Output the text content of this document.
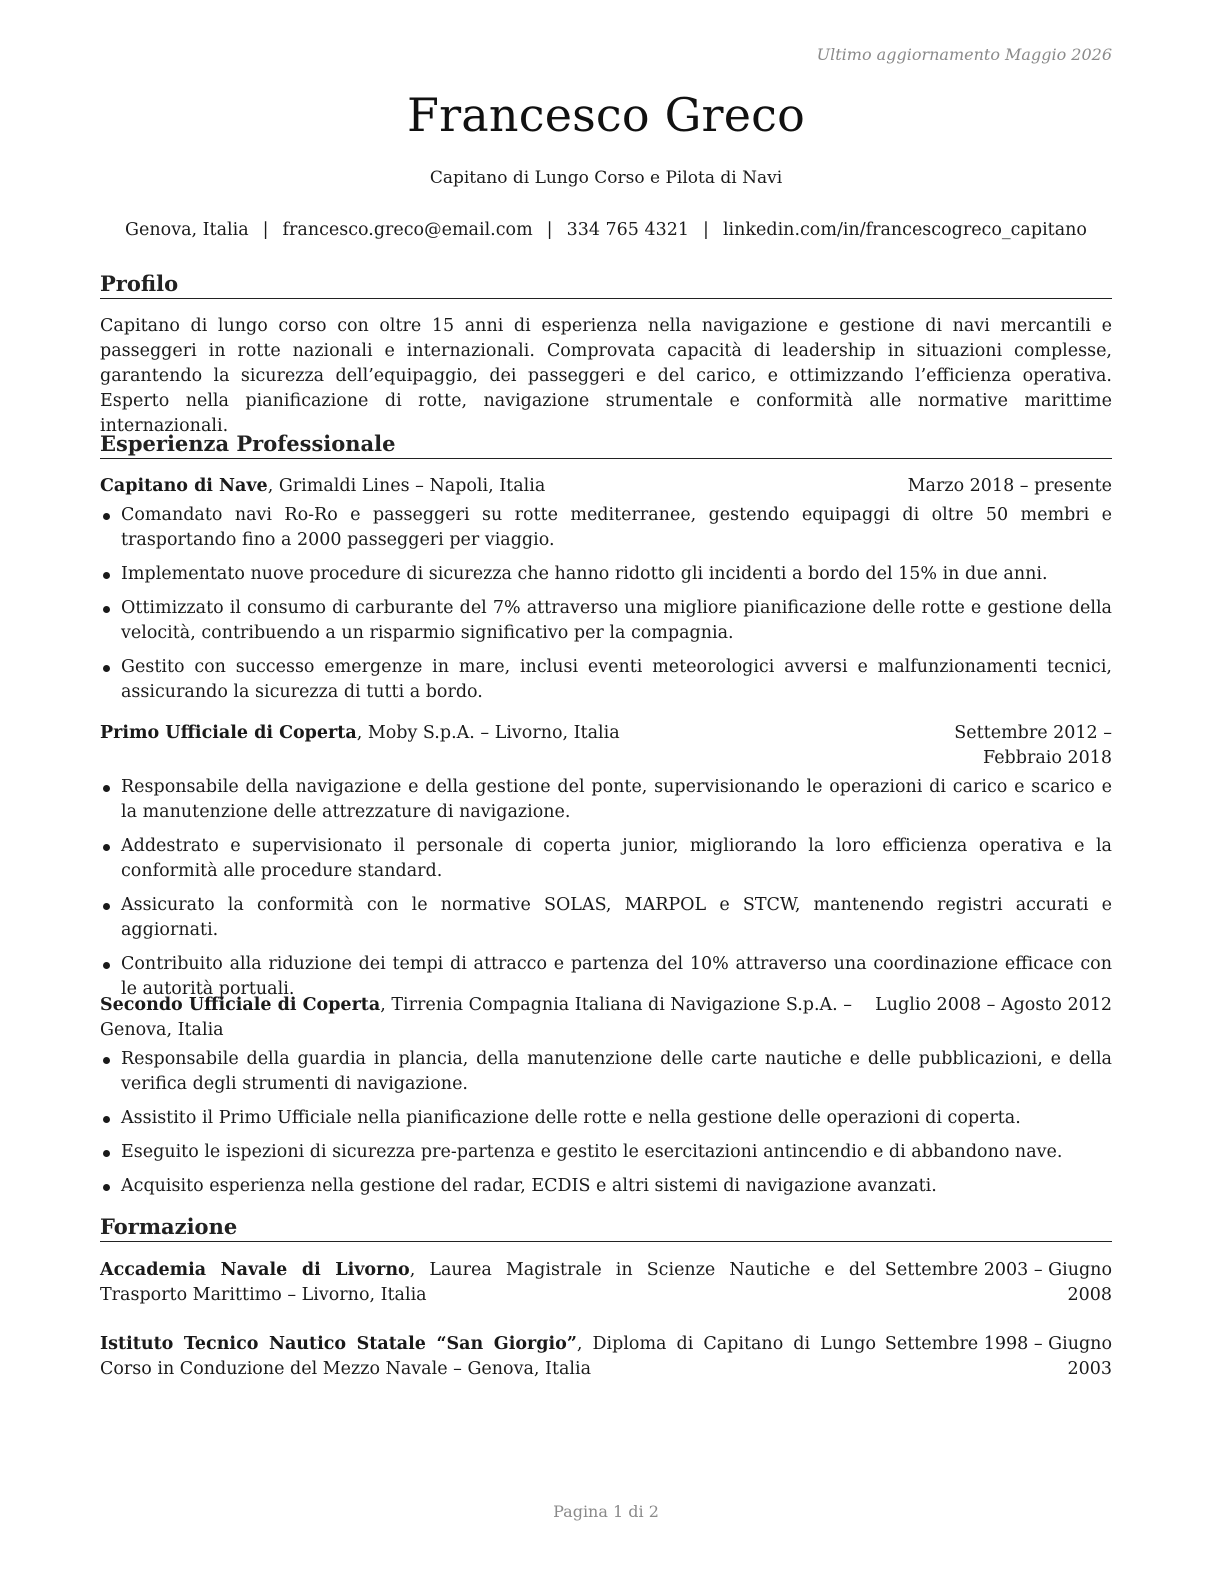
Ultimo aggiornamento Maggio 2026
Francesco Greco
Capitano di Lungo Corso e Pilota di Navi
Genova, Italia | francesco.greco@email.com | 334 765 4321 | linkedin.com/in/francescogreco_capitano
Profilo
Capitano di lungo corso con oltre 15 anni di esperienza nella navigazione e gestione di navi mercantili e passeggeri in rotte nazionali e internazionali. Comprovata capacità di leadership in situazioni complesse, garantendo la sicurezza dell’equipaggio, dei passeggeri e del carico, e ottimizzando l’efficienza operativa. Esperto nella pianificazione di rotte, navigazione strumentale e conformità alle normative marittime internazionali.
Esperienza Professionale
Capitano di Nave, Grimaldi Lines – Napoli, Italia	Marzo 2018 – presente
Comandato navi Ro-Ro e passeggeri su rotte mediterranee, gestendo equipaggi di oltre 50 membri e trasportando fino a 2000 passeggeri per viaggio.
Implementato nuove procedure di sicurezza che hanno ridotto gli incidenti a bordo del 15% in due anni.
Ottimizzato il consumo di carburante del 7% attraverso una migliore pianificazione delle rotte e gestione della velocità, contribuendo a un risparmio significativo per la compagnia.
Gestito con successo emergenze in mare, inclusi eventi meteorologici avversi e malfunzionamenti tecnici, assicurando la sicurezza di tutti a bordo.
Primo Ufficiale di Coperta, Moby S.p.A. – Livorno, Italia	Settembre 2012 – Febbraio 2018
Responsabile della navigazione e della gestione del ponte, supervisionando le operazioni di carico e scarico e la manutenzione delle attrezzature di navigazione.
Addestrato e supervisionato il personale di coperta junior, migliorando la loro efficienza operativa e la conformità alle procedure standard.
Assicurato la conformità con le normative SOLAS, MARPOL e STCW, mantenendo registri accurati e aggiornati.
Contribuito alla riduzione dei tempi di attracco e partenza del 10% attraverso una coordinazione efficace con le autorità portuali.
Secondo Ufficiale di Coperta, Tirrenia Compagnia Italiana di Navigazione S.p.A. – Genova, Italia
Luglio 2008 – Agosto 2012
Responsabile della guardia in plancia, della manutenzione delle carte nautiche e delle pubblicazioni, e della verifica degli strumenti di navigazione.
Assistito il Primo Ufficiale nella pianificazione delle rotte e nella gestione delle operazioni di coperta.
Eseguito le ispezioni di sicurezza pre-partenza e gestito le esercitazioni antincendio e di abbandono nave.
Acquisito esperienza nella gestione del radar, ECDIS e altri sistemi di navigazione avanzati.
Formazione
Accademia Navale di Livorno, Laurea Magistrale in Scienze Nautiche e del Trasporto Marittimo – Livorno, Italia
Settembre 2003 – Giugno 2008
Istituto Tecnico Nautico Statale “San Giorgio”, Diploma di Capitano di Lungo Corso in Conduzione del Mezzo Navale – Genova, Italia
Settembre 1998 – Giugno 2003
Pagina 1 di 2
